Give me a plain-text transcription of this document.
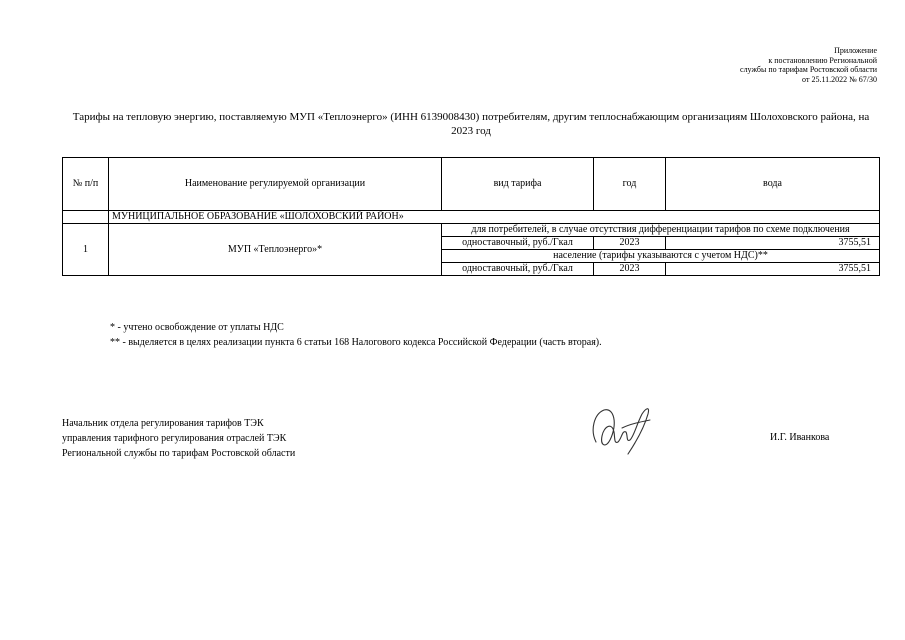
Приложение
к постановлению Региональной
службы по тарифам Ростовской области
от 25.11.2022 № 67/30
Тарифы на тепловую энергию, поставляемую МУП «Теплоэнерго» (ИНН 6139008430) потребителям, другим теплоснабжающим организациям Шолоховского района, на 2023 год
№ п/п	Наименование регулируемой организации	вид тарифа	год	вода
	МУНИЦИПАЛЬНОЕ ОБРАЗОВАНИЕ «ШОЛОХОВСКИЙ РАЙОН»			
1	МУП «Теплоэнерго»*	для потребителей, в случае отсутствия дифференциации тарифов по схеме подключения		
		одноставочный, руб./Гкал	2023	3755,51
		население (тарифы указываются с учетом НДС)**		
		одноставочный, руб./Гкал	2023	3755,51
* - учтено освобождение от уплаты НДС
** - выделяется в целях реализации пункта 6 статьи 168 Налогового кодекса Российской Федерации (часть вторая).
Начальник отдела регулирования тарифов ТЭК
управления тарифного регулирования отраслей ТЭК
Региональной службы по тарифам Ростовской области
И.Г. Иванкова
